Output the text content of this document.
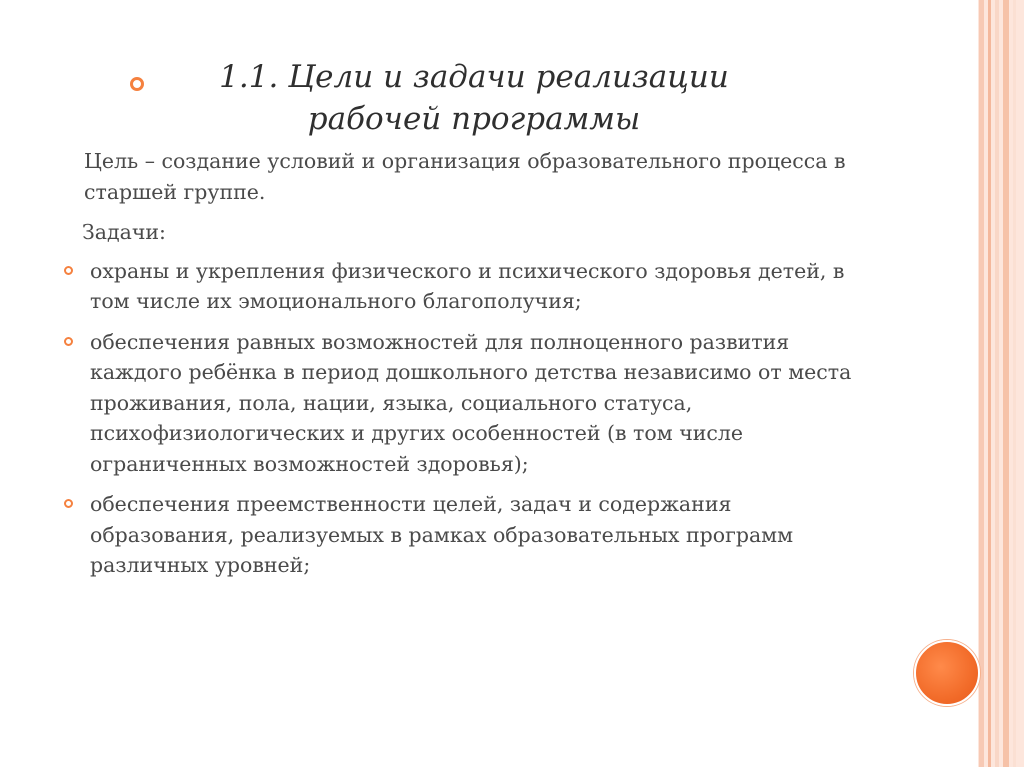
1.1. Цели и задачи реализации рабочей программы

Цель – создание условий и организация образовательного процесса в старшей группе.

Задачи:

охраны и укрепления физического и психического здоровья детей, в том числе их эмоционального благополучия;
обеспечения равных возможностей для полноценного развития каждого ребёнка в период дошкольного детства независимо от места проживания, пола, нации, языка, социального статуса, психофизиологических и других особенностей (в том числе ограниченных возможностей здоровья);
обеспечения преемственности целей, задач и содержания образования, реализуемых в рамках образовательных программ различных уровней;
